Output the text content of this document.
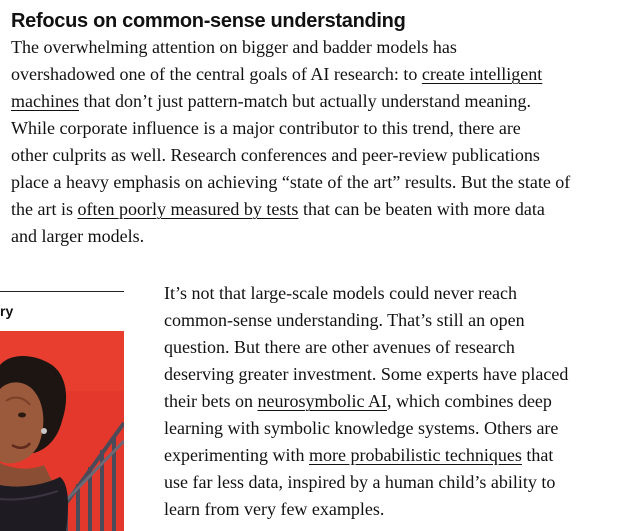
Refocus on common-sense understanding

The overwhelming attention on bigger and badder models has
overshadowed one of the central goals of AI research: to create intelligent
machines that don’t just pattern-match but actually understand meaning.
While corporate influence is a major contributor to this trend, there are
other culprits as well. Research conferences and peer-review publications
place a heavy emphasis on achieving “state of the art” results. But the state of
the art is often poorly measured by tests that can be beaten with more data
and larger models.

ry

It’s not that large-scale models could never reach
common-sense understanding. That’s still an open
question. But there are other avenues of research
deserving greater investment. Some experts have placed
their bets on neurosymbolic AI, which combines deep
learning with symbolic knowledge systems. Others are
experimenting with more probabilistic techniques that
use far less data, inspired by a human child’s ability to
learn from very few examples.
